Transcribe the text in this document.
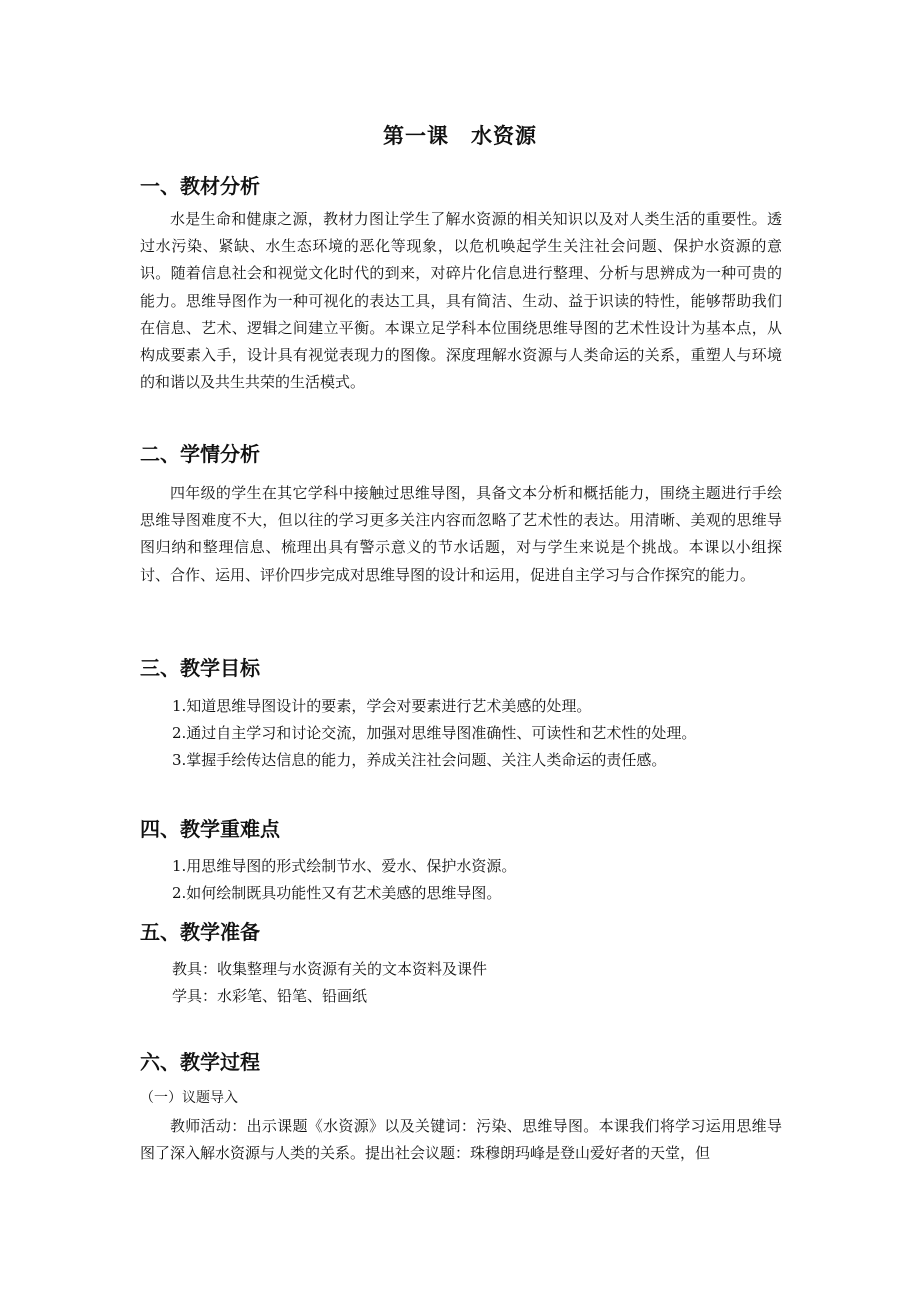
第一课　水资源
一、教材分析

水是生命和健康之源，教材力图让学生了解水资源的相关知识以及对人类生活的重要性。透过水污染、紧缺、水生态环境的恶化等现象，以危机唤起学生关注社会问题、保护水资源的意识。随着信息社会和视觉文化时代的到来，对碎片化信息进行整理、分析与思辨成为一种可贵的能力。思维导图作为一种可视化的表达工具，具有简洁、生动、益于识读的特性，能够帮助我们在信息、艺术、逻辑之间建立平衡。本课立足学科本位围绕思维导图的艺术性设计为基本点，从构成要素入手，设计具有视觉表现力的图像。深度理解水资源与人类命运的关系，重塑人与环境的和谐以及共生共荣的生活模式。

二、学情分析

四年级的学生在其它学科中接触过思维导图，具备文本分析和概括能力，围绕主题进行手绘思维导图难度不大，但以往的学习更多关注内容而忽略了艺术性的表达。用清晰、美观的思维导图归纳和整理信息、梳理出具有警示意义的节水话题，对与学生来说是个挑战。本课以小组探讨、合作、运用、评价四步完成对思维导图的设计和运用，促进自主学习与合作探究的能力。

三、教学目标
1.知道思维导图设计的要素，学会对要素进行艺术美感的处理。
2.通过自主学习和讨论交流，加强对思维导图准确性、可读性和艺术性的处理。
3.掌握手绘传达信息的能力，养成关注社会问题、关注人类命运的责任感。
四、教学重难点
1.用思维导图的形式绘制节水、爱水、保护水资源。
2.如何绘制既具功能性又有艺术美感的思维导图。
五、教学准备
教具：收集整理与水资源有关的文本资料及课件
学具：水彩笔、铅笔、铅画纸
六、教学过程
（一）议题导入

教师活动：出示课题《水资源》以及关键词：污染、思维导图。本课我们将学习运用思维导图了深入解水资源与人类的关系。提出社会议题：珠穆朗玛峰是登山爱好者的天堂，但
